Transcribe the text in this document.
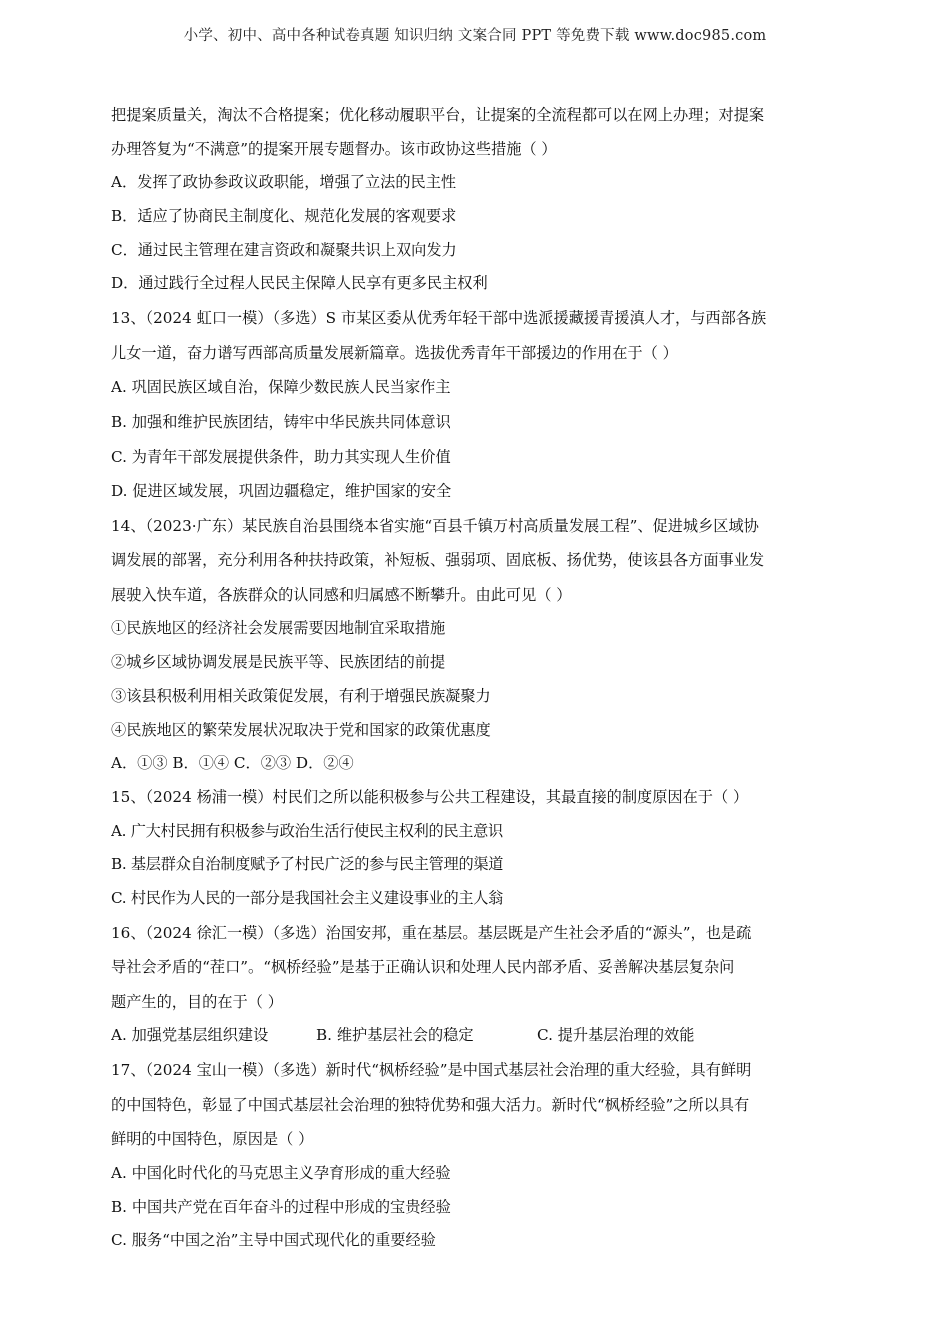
小学、初中、高中各种试卷真题 知识归纳 文案合同 PPT 等免费下载 www.doc985.com
把提案质量关，淘汰不合格提案；优化移动履职平台，让提案的全流程都可以在网上办理；对提案
办理答复为“不满意”的提案开展专题督办。该市政协这些措施（ ）
A．发挥了政协参政议政职能，增强了立法的民主性
B．适应了协商民主制度化、规范化发展的客观要求
C．通过民主管理在建言资政和凝聚共识上双向发力
D．通过践行全过程人民民主保障人民享有更多民主权利
13、（2024 虹口一模）（多选）S 市某区委从优秀年轻干部中选派援藏援青援滇人才，与西部各族
儿女一道，奋力谱写西部高质量发展新篇章。选拔优秀青年干部援边的作用在于（ ）
A. 巩固民族区域自治，保障少数民族人民当家作主
B. 加强和维护民族团结，铸牢中华民族共同体意识
C. 为青年干部发展提供条件，助力其实现人生价值
D. 促进区域发展，巩固边疆稳定，维护国家的安全
14、（2023·广东）某民族自治县围绕本省实施“百县千镇万村高质量发展工程”、促进城乡区域协
调发展的部署，充分利用各种扶持政策，补短板、强弱项、固底板、扬优势，使该县各方面事业发
展驶入快车道，各族群众的认同感和归属感不断攀升。由此可见（ ）
①民族地区的经济社会发展需要因地制宜采取措施
②城乡区域协调发展是民族平等、民族团结的前提
③该县积极利用相关政策促发展，有利于增强民族凝聚力
④民族地区的繁荣发展状况取决于党和国家的政策优惠度
A．①③ B．①④ C．②③ D．②④
15、（2024 杨浦一模）村民们之所以能积极参与公共工程建设，其最直接的制度原因在于（ ）
A. 广大村民拥有积极参与政治生活行使民主权利的民主意识
B. 基层群众自治制度赋予了村民广泛的参与民主管理的渠道
C. 村民作为人民的一部分是我国社会主义建设事业的主人翁
16、（2024 徐汇一模）（多选）治国安邦，重在基层。基层既是产生社会矛盾的“源头”，也是疏
导社会矛盾的“茬口”。“枫桥经验”是基于正确认识和处理人民内部矛盾、妥善解决基层复杂问
题产生的，目的在于（ ）
A. 加强党基层组织建设	B. 维护基层社会的稳定	C. 提升基层治理的效能
17、（2024 宝山一模）（多选）新时代“枫桥经验”是中国式基层社会治理的重大经验，具有鲜明
的中国特色，彰显了中国式基层社会治理的独特优势和强大活力。新时代“枫桥经验”之所以具有
鲜明的中国特色，原因是（ ）
A. 中国化时代化的马克思主义孕育形成的重大经验
B. 中国共产党在百年奋斗的过程中形成的宝贵经验
C. 服务“中国之治”主导中国式现代化的重要经验
